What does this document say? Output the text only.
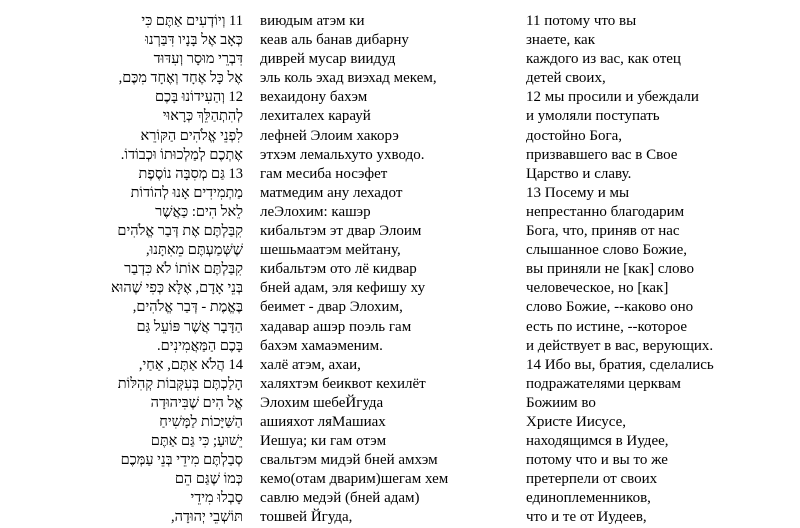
11 וְיוֹדְעִים אַתֶּם כִּי
כְּאָב אֶל בָּנָיו דִּבַּרְנוּ
דִּבְרֵי מוּסָר וְעִדּוּד
אֶל כָּל אֶחָד וְאֶחָד מִכֶּם,
12 וְהַעִידוֹנוּ בָּכֶם
לְהִתְהַלֵּךְ כְּרָאוּי
לִפְנֵי אֱלֹהִים הַקּוֹרֵא
אֶתְכֶם לְמַלְכוּתוֹ וּכְבוֹדוֹ.
13 גַּם מְסִבָּה נוֹסֶפֶת
מַתְמִידִים אָנוּ לְהוֹדוֹת
לֵאל הִים: כַּאֲשֶׁר
קִבַּלְתֶּם אֶת דְּבַר אֱלֹהִים
שֶׁשְּׁמַעְתֶּם מֵאִתָּנוּ,
קִבַּלְתֶּם אוֹתוֹ לֹא כִּדְבַר
בְּנֵי אָדָם, אֶלָּא כְּפִי שֶׁהוּא
בֶּאֱמֶת - דְּבַר אֱלֹהִים,
הַדָּבָר אֲשֶׁר פּוֹעֵל גַּם
בָּכֶם הַמַּאֲמִינִים.
14 הֲלֹא אַתֶּם, אַחַי,
הָלַכְתֶּם בְּעִקְּבוֹת קְהִלּוֹת
אֱל הִים שֶׁבִּיהוּדָה
הַשַּׁיָּכוֹת לַמָּשִׁיחַ
יֵשׁוּעַ; כִּי גַּם אַתֶּם
סְבַלְתֶּם מִידֵי בְּנֵי עַמְּכֶם
כְּמוֹ שֶׁגַּם הֵם
סָבְלוּ מִידֵי
תּוֹשְׁבֵי יְהוּדָה,
виюдым атэм ки
кеав аль банав дибарну
диврей мусар виидуд
эль коль эхад виэхад мекем,
вехаидону бахэм
лехиталех карауй
лефней Элоим хакорэ
этхэм лемальхуто ухводо.
гам месиба носэфет
матмедим ану лехадот
леЭлохим: кашэр
кибальтэм эт двар Элоим
шешьмаатэм мейтану,
кибальтэм ото лё кидвар
бней адам, эля кефишу ху
беимет - двар Элохим,
хадавар ашэр поэль гам
бахэм хамаэменим.
халё атэм, ахаи,
халяхтэм беиквот кехилёт
Элохим шебеЙгуда
ашияхот ляМашиах
Иешуа; ки гам отэм
свальтэм мидэй бней амхэм
кемо(отам дварим)шегам хем
савлю медэй (бней адам)
тошвей Йгуда,
11 потому что вы
знаете, как
каждого из вас, как отец
детей своих,
12 мы просили и убеждали
и умоляли поступать
достойно Бога,
призвавшего вас в Свое
Царство и славу.
13 Посему и мы
непрестанно благодарим
Бога, что, приняв от нас
слышанное слово Божие,
вы приняли не [как] слово
человеческое, но [как]
слово Божие, --каково оно
есть по истине, --которое
и действует в вас, верующих.
14 Ибо вы, братия, сделались
подражателями церквам
Божиим во
Христе Иисусе,
находящимся в Иудее,
потому что и вы то же
претерпели от своих
единоплеменников,
что и те от Иудеев,
